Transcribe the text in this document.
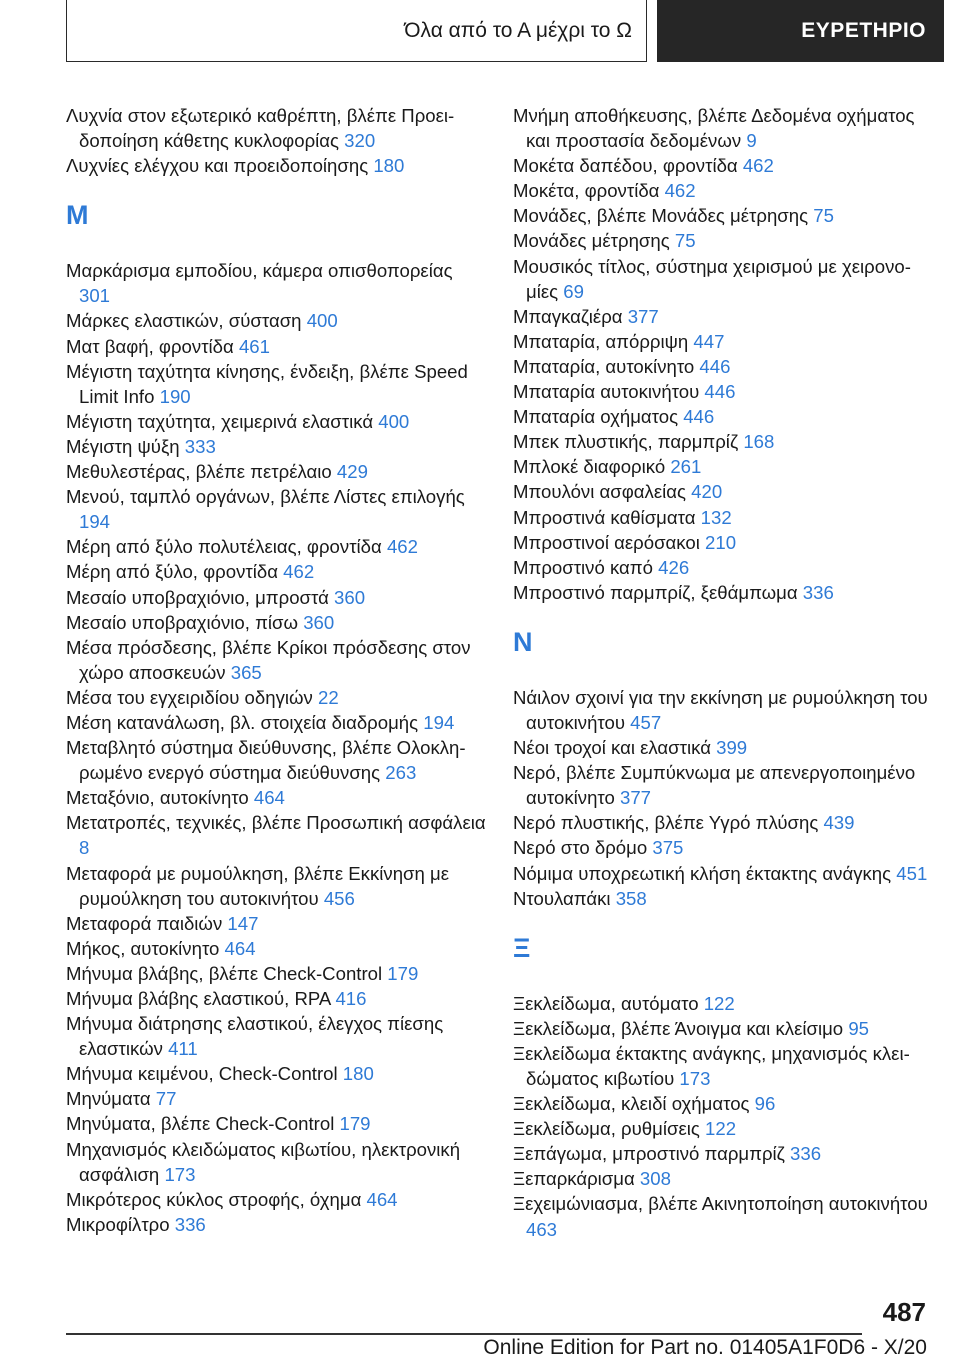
Όλα από το Α μέχρι το Ω	ΕΥΡΕΤΗΡΙΟ

Λυχνία στον εξωτερικό καθρέπτη, βλέπε Προειδοποίηση κάθετης κυκλοφορίας 320

Λυχνίες ελέγχου και προειδοποίησης 180

Μ

Μαρκάρισμα εμποδίου, κάμερα οπισθοπορείας 301

Μάρκες ελαστικών, σύσταση 400

Ματ βαφή, φροντίδα 461

Μέγιστη ταχύτητα κίνησης, ένδειξη, βλέπε Speed Limit Info 190

Μέγιστη ταχύτητα, χειμερινά ελαστικά 400

Μέγιστη ψύξη 333

Μεθυλεστέρας, βλέπε πετρέλαιο 429

Μενού, ταμπλό οργάνων, βλέπε Λίστες επιλογής 194

Μέρη από ξύλο πολυτέλειας, φροντίδα 462

Μέρη από ξύλο, φροντίδα 462

Μεσαίο υποβραχιόνιο, μπροστά 360

Μεσαίο υποβραχιόνιο, πίσω 360

Μέσα πρόσδεσης, βλέπε Κρίκοι πρόσδεσης στον χώρο αποσκευών 365

Μέσα του εγχειριδίου οδηγιών 22

Μέση κατανάλωση, βλ. στοιχεία διαδρομής 194

Μεταβλητό σύστημα διεύθυνσης, βλέπε Ολοκληρωμένο ενεργό σύστημα διεύθυνσης 263

Μεταξόνιο, αυτοκίνητο 464

Μετατροπές, τεχνικές, βλέπε Προσωπική ασφάλεια 8

Μεταφορά με ρυμούλκηση, βλέπε Εκκίνηση με ρυμούλκηση του αυτοκινήτου 456

Μεταφορά παιδιών 147

Μήκος, αυτοκίνητο 464

Μήνυμα βλάβης, βλέπε Check-Control 179

Μήνυμα βλάβης ελαστικού, RPA 416

Μήνυμα διάτρησης ελαστικού, έλεγχος πίεσης ελαστικών 411

Μήνυμα κειμένου, Check-Control 180

Μηνύματα 77

Μηνύματα, βλέπε Check-Control 179

Μηχανισμός κλειδώματος κιβωτίου, ηλεκτρονική ασφάλιση 173

Μικρότερος κύκλος στροφής, όχημα 464

Μικροφίλτρο 336

Μνήμη αποθήκευσης, βλέπε Δεδομένα οχήματος και προστασία δεδομένων 9

Μοκέτα δαπέδου, φροντίδα 462

Μοκέτα, φροντίδα 462

Μονάδες, βλέπε Μονάδες μέτρησης 75

Μονάδες μέτρησης 75

Μουσικός τίτλος, σύστημα χειρισμού με χειρονομίες 69

Μπαγκαζιέρα 377

Μπαταρία, απόρριψη 447

Μπαταρία, αυτοκίνητο 446

Μπαταρία αυτοκινήτου 446

Μπαταρία οχήματος 446

Μπεκ πλυστικής, παρμπρίζ 168

Μπλοκέ διαφορικό 261

Μπουλόνι ασφαλείας 420

Μπροστινά καθίσματα 132

Μπροστινοί αερόσακοι 210

Μπροστινό καπό 426

Μπροστινό παρμπρίζ, ξεθάμπωμα 336

Ν

Νάιλον σχοινί για την εκκίνηση με ρυμούλκηση του αυτοκινήτου 457

Νέοι τροχοί και ελαστικά 399

Νερό, βλέπε Συμπύκνωμα με απενεργοποιημένο αυτοκίνητο 377

Νερό πλυστικής, βλέπε Υγρό πλύσης 439

Νερό στο δρόμο 375

Νόμιμα υποχρεωτική κλήση έκτακτης ανάγκης 451

Ντουλαπάκι 358

Ξ

Ξεκλείδωμα, αυτόματο 122

Ξεκλείδωμα, βλέπε Άνοιγμα και κλείσιμο 95

Ξεκλείδωμα έκτακτης ανάγκης, μηχανισμός κλειδώματος κιβωτίου 173

Ξεκλείδωμα, κλειδί οχήματος 96

Ξεκλείδωμα, ρυθμίσεις 122

Ξεπάγωμα, μπροστινό παρμπρίζ 336

Ξεπαρκάρισμα 308

Ξεχειμώνιασμα, βλέπε Ακινητοποίηση αυτοκινήτου 463

487
Online Edition for Part no. 01405A1F0D6 - X/20
